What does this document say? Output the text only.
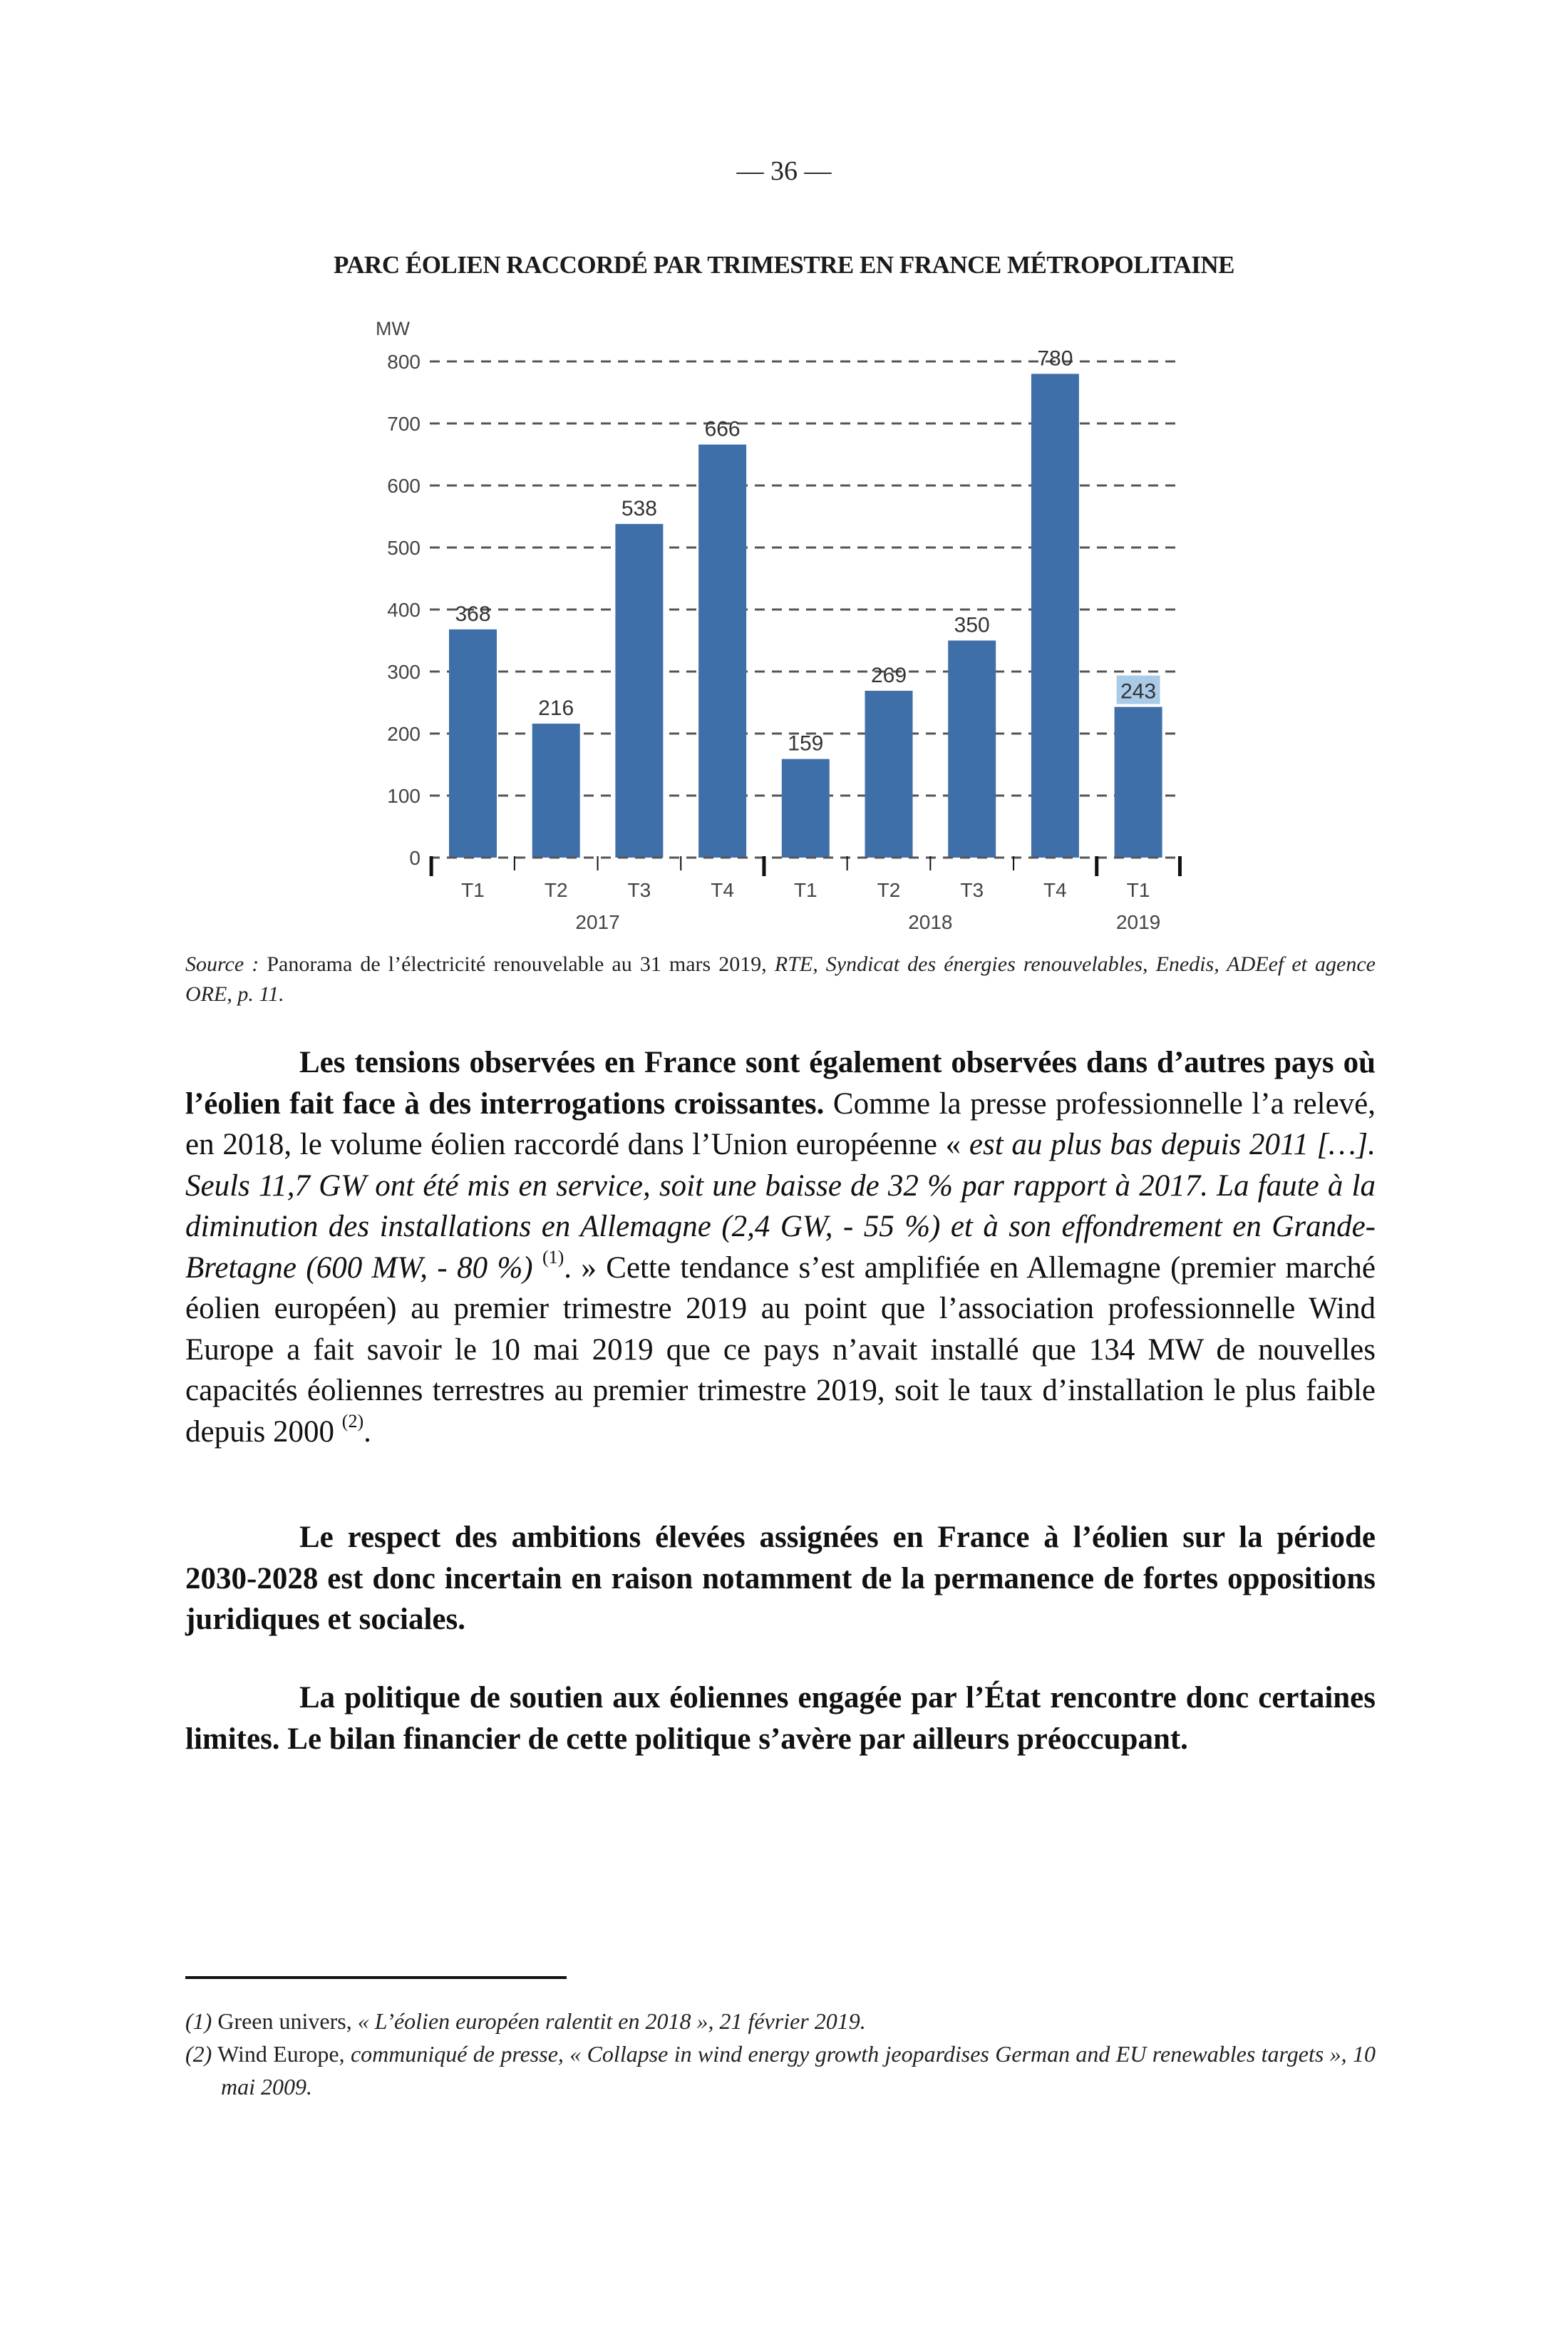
— 36 —
PARC ÉOLIEN RACCORDÉ PAR TRIMESTRE EN FRANCE MÉTROPOLITAINE
MW
0
100
200
300
400
500
600
700
800
368
216
538
666
159
269
350
780
243
T1	T2	T3	T4	T1	T2	T3	T4	T1
2017	2018	2019
Source : Panorama de l’électricité renouvelable au 31 mars 2019, RTE, Syndicat des énergies renouvelables, Enedis, ADEef et agence ORE, p. 11.
Les tensions observées en France sont également observées dans d’autres pays où l’éolien fait face à des interrogations croissantes. Comme la presse professionnelle l’a relevé, en 2018, le volume éolien raccordé dans l’Union européenne « est au plus bas depuis 2011 […]. Seuls 11,7 GW ont été mis en service, soit une baisse de 32 % par rapport à 2017. La faute à la diminution des installations en Allemagne (2,4 GW, - 55 %) et à son effondrement en Grande-Bretagne (600 MW, - 80 %) $^{(1)}$. » Cette tendance s’est amplifiée en Allemagne (premier marché éolien européen) au premier trimestre 2019 au point que l’association professionnelle Wind Europe a fait savoir le 10 mai 2019 que ce pays n’avait installé que 134 MW de nouvelles capacités éoliennes terrestres au premier trimestre 2019, soit le taux d’installation le plus faible depuis 2000 $^{(2)}$.
Le respect des ambitions élevées assignées en France à l’éolien sur la période 2030-2028 est donc incertain en raison notamment de la permanence de fortes oppositions juridiques et sociales.
La politique de soutien aux éoliennes engagée par l’État rencontre donc certaines limites. Le bilan financier de cette politique s’avère par ailleurs préoccupant.
(1) Green univers, « L’éolien européen ralentit en 2018 », 21 février 2019.
(2) Wind Europe, communiqué de presse, « Collapse in wind energy growth jeopardises German and EU renewables targets », 10 mai 2009.
